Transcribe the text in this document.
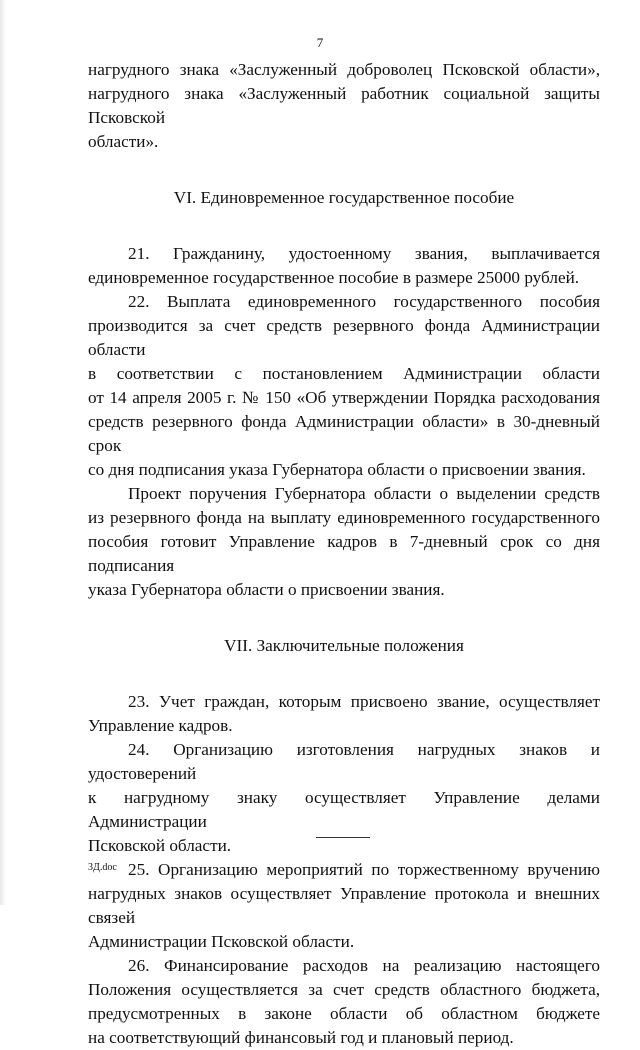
7

нагрудного знака «Заслуженный доброволец Псковской области»,

нагрудного знака «Заслуженный работник социальной защиты Псковской

области».

VI. Единовременное государственное пособие

21. Гражданину, удостоенному звания, выплачивается

единовременное государственное пособие в размере 25000 рублей.

22. Выплата единовременного государственного пособия

производится за счет средств резервного фонда Администрации области

в соответствии с постановлением Администрации области

от 14 апреля 2005 г. № 150 «Об утверждении Порядка расходования

средств резервного фонда Администрации области» в 30-дневный срок

со дня подписания указа Губернатора области о присвоении звания.

Проект поручения Губернатора области о выделении средств

из резервного фонда на выплату единовременного государственного

пособия готовит Управление кадров в 7-дневный срок со дня подписания

указа Губернатора области о присвоении звания.

VII. Заключительные положения

23. Учет граждан, которым присвоено звание, осуществляет

Управление кадров.

24. Организацию изготовления нагрудных знаков и удостоверений

к нагрудному знаку осуществляет Управление делами Администрации

Псковской области.

25. Организацию мероприятий по торжественному вручению

нагрудных знаков осуществляет Управление протокола и внешних связей

Администрации Псковской области.

26. Финансирование расходов на реализацию настоящего

Положения осуществляется за счет средств областного бюджета,

предусмотренных в законе области об областном бюджете

на соответствующий финансовый год и плановый период.

3Д.doc
